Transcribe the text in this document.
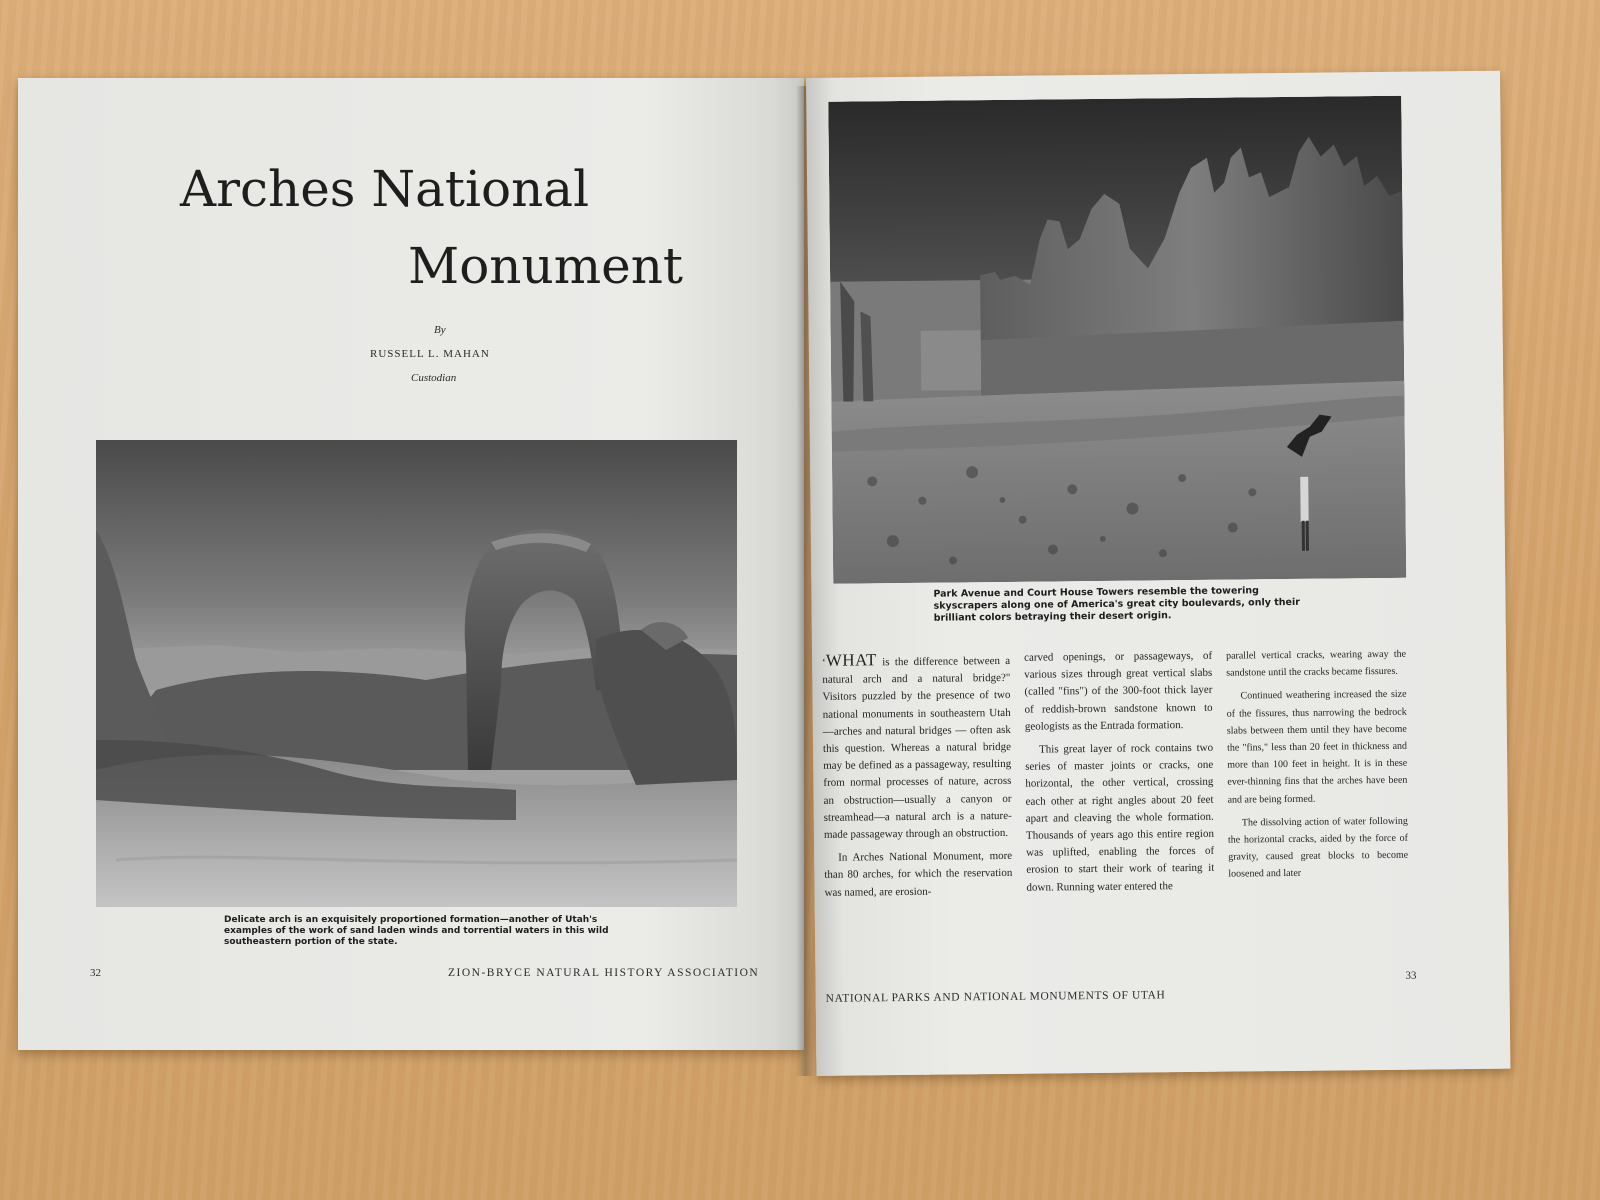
Arches National
Monument
By
RUSSELL L. MAHAN
Custodian
Delicate arch is an exquisitely proportioned formation—another of Utah's examples of the work of sand laden winds and torrential waters in this wild southeastern portion of the state.
32	ZION-BRYCE NATURAL HISTORY ASSOCIATION
Park Avenue and Court House Towers resemble the towering skyscrapers along one of America's great city boulevards, only their brilliant colors betraying their desert origin.

‘WHAT is the difference between a natural arch and a natural bridge?" Visitors puzzled by the presence of two national monuments in southeastern Utah—arches and natural bridges — often ask this question. Whereas a natural bridge may be defined as a passageway, resulting from normal processes of nature, across an obstruction—usually a canyon or streamhead—a natural arch is a nature-made passageway through an obstruction.

In Arches National Monument, more than 80 arches, for which the reservation was named, are erosion-

carved openings, or passageways, of various sizes through great vertical slabs (called "fins") of the 300-foot thick layer of reddish-brown sandstone known to geologists as the Entrada formation.

This great layer of rock contains two series of master joints or cracks, one horizontal, the other vertical, crossing each other at right angles about 20 feet apart and cleaving the whole formation. Thousands of years ago this entire region was uplifted, enabling the forces of erosion to start their work of tearing it down. Running water entered the

parallel vertical cracks, wearing away the sandstone until the cracks became fissures.

Continued weathering increased the size of the fissures, thus narrowing the bedrock slabs between them until they have become the "fins," less than 20 feet in thickness and more than 100 feet in height. It is in these ever-thinning fins that the arches have been and are being formed.

The dissolving action of water following the horizontal cracks, aided by the force of gravity, caused great blocks to become loosened and later

33
NATIONAL PARKS AND NATIONAL MONUMENTS OF UTAH
